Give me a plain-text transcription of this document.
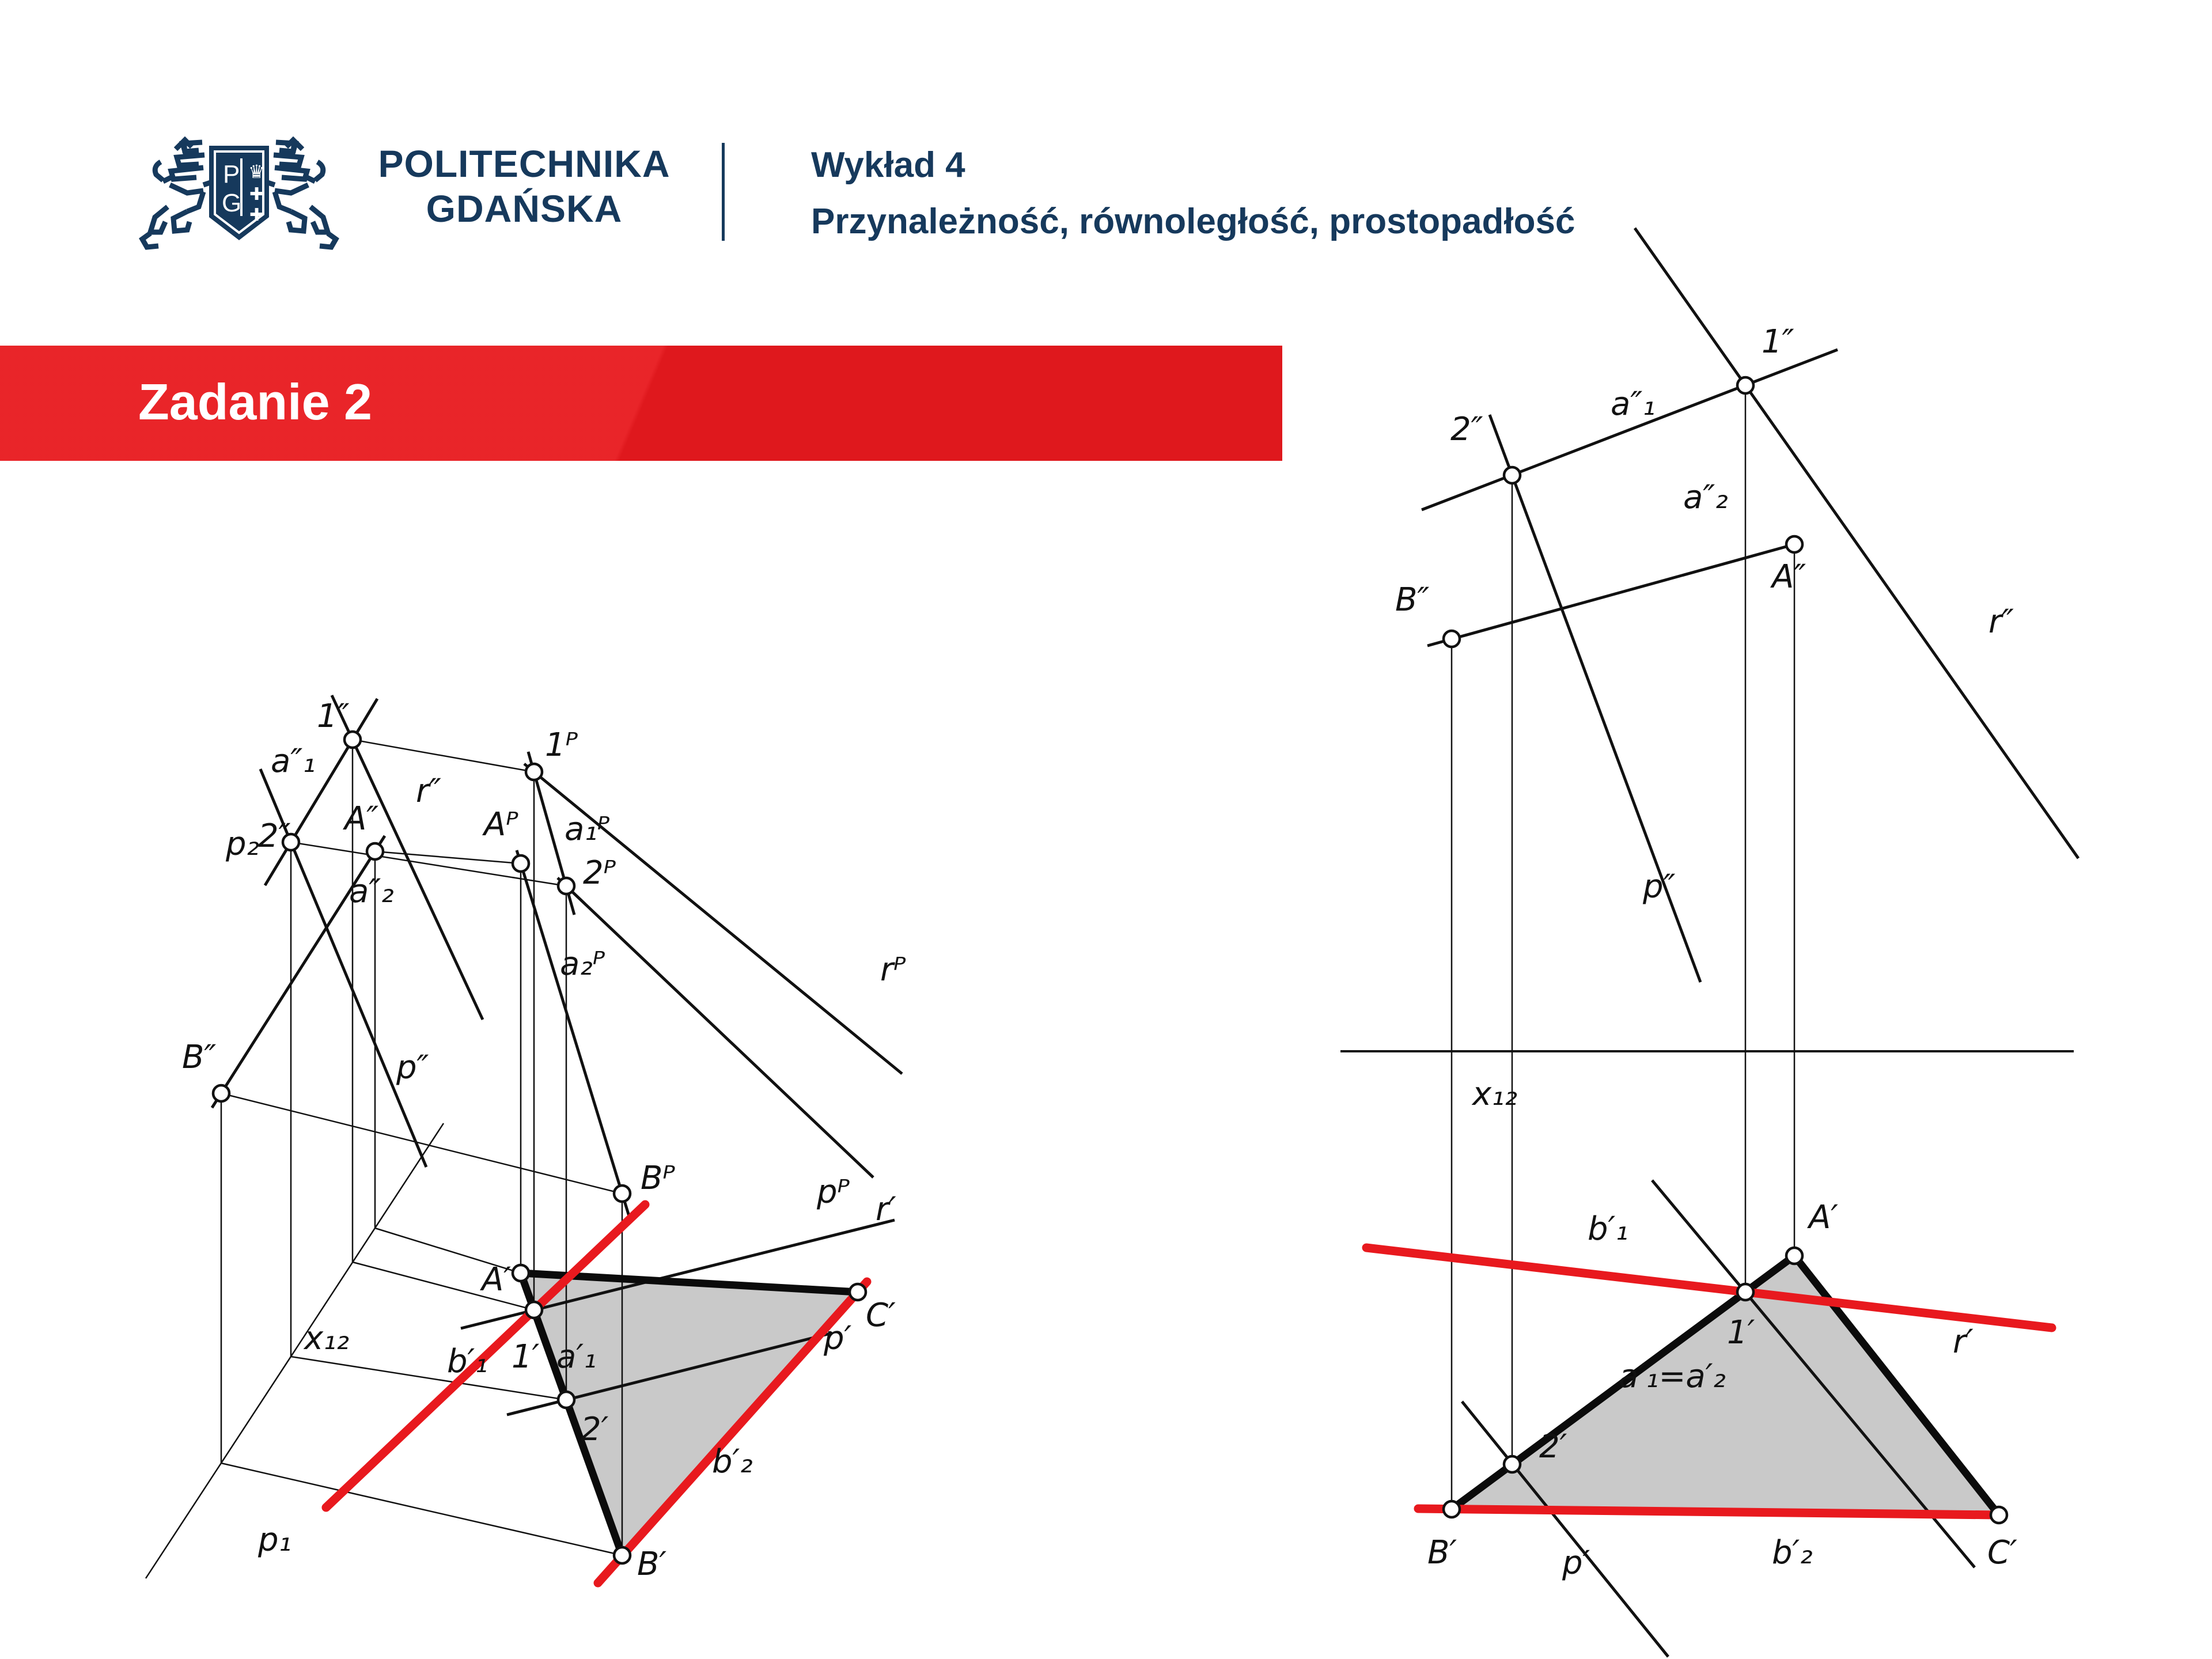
P
G
♛
✚
✚
POLITECHNIKA
GDAŃSKA
Wykład 4
Przynależność, równoległość, prostopadłość
Zadanie 2
1″
a″₁
r″
p₂
2″ A″
a″₂
p″
B″
1ᴾ
Aᴾ a₁ᴾ
2ᴾ
a₂ᴾ	rᴾ
pᴾ
Bᴾ
x₁₂
A′
b′₁ 1′ a′₁
2′
p′
r′
b′₂
B′
C′
p₁
a″₁
1″
2″
a″₂
A″
B″
p″
r″
x₁₂
A′
b′₁
1′
a′₁=a′₂
r′
2′
B′	p′	b′₂	C′
